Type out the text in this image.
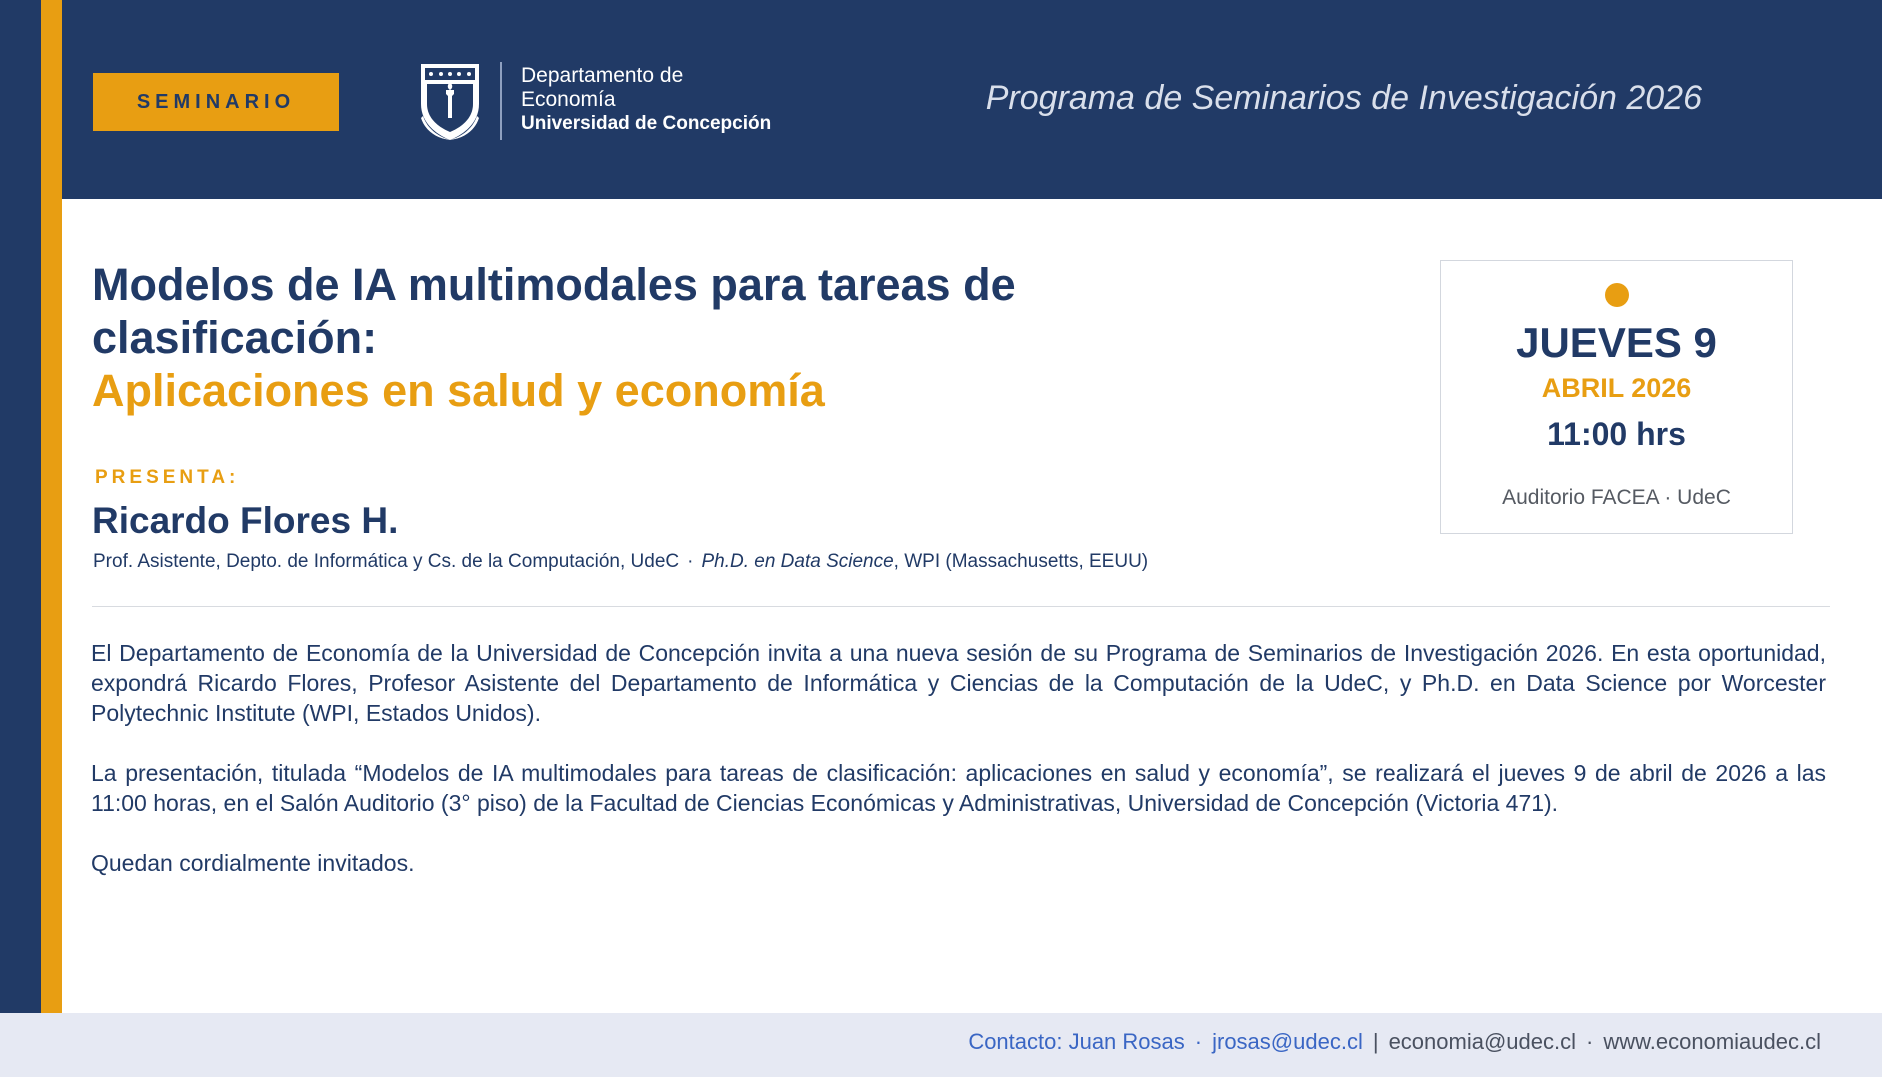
SEMINARIO
Departamento de
Economía
Universidad de Concepción
Programa de Seminarios de Investigación 2026
Modelos de IA multimodales para tareas de clasificación:
Aplicaciones en salud y economía
PRESENTA:
Ricardo Flores H.
Prof. Asistente, Depto. de Informática y Cs. de la Computación, UdeC · Ph.D. en Data Science, WPI (Massachusetts, EEUU)
JUEVES 9
ABRIL 2026
11:00 hrs
Auditorio FACEA · UdeC

El Departamento de Economía de la Universidad de Concepción invita a una nueva sesión de su Programa de Seminarios de Investigación 2026. En esta oportunidad, expondrá Ricardo Flores, Profesor Asistente del Departamento de Informática y Ciencias de la Computación de la UdeC, y Ph.D. en Data Science por Worcester Polytechnic Institute (WPI, Estados Unidos).

La presentación, titulada “Modelos de IA multimodales para tareas de clasificación: aplicaciones en salud y economía”, se realizará el jueves 9 de abril de 2026 a las 11:00 horas, en el Salón Auditorio (3° piso) de la Facultad de Ciencias Económicas y Administrativas, Universidad de Concepción (Victoria 471).

Quedan cordialmente invitados.

Contacto: Juan Rosas · jrosas@udec.cl | economia@udec.cl · www.economiaudec.cl
